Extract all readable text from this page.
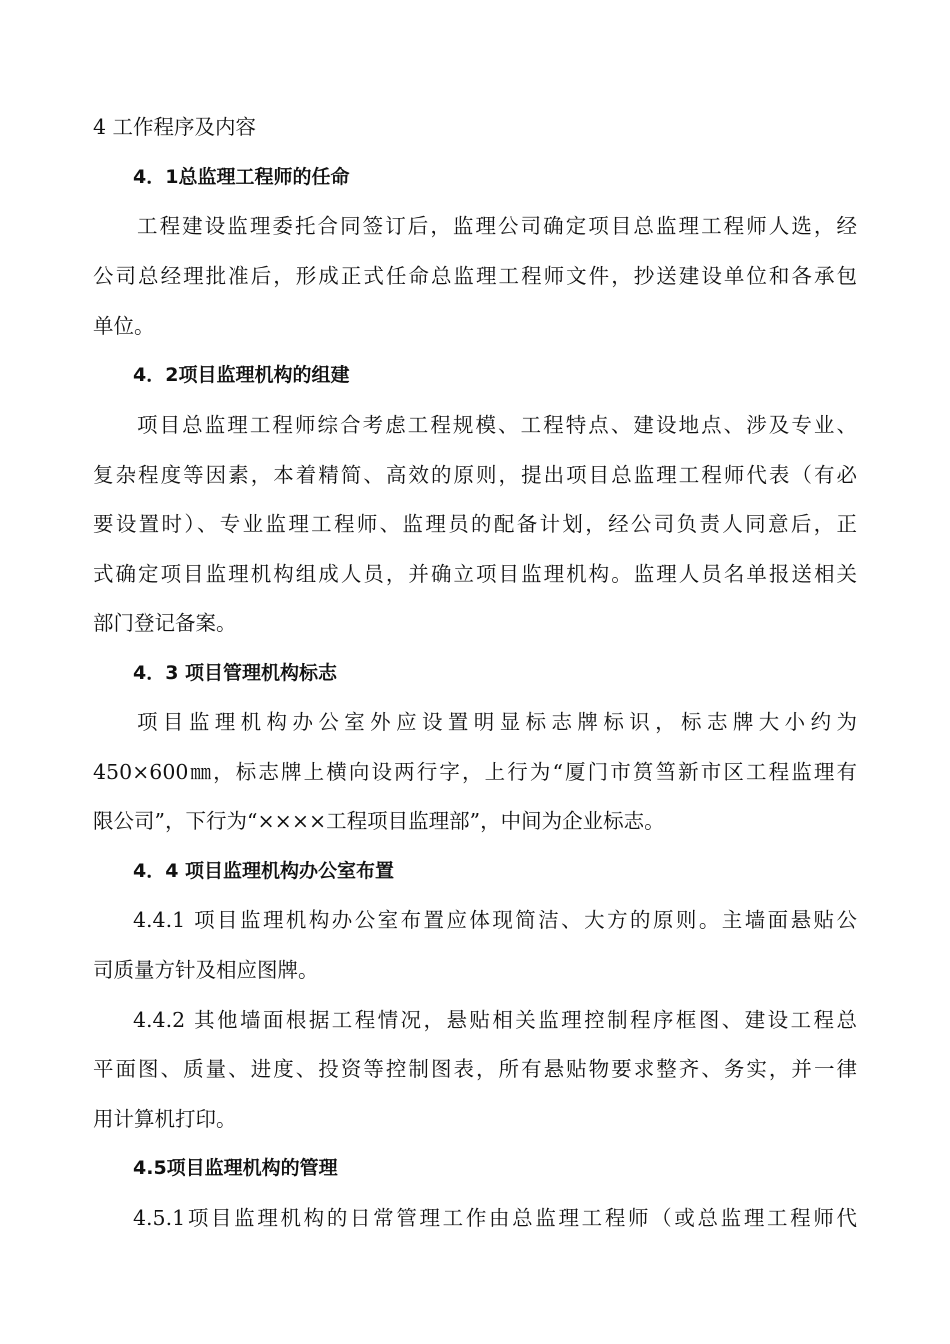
4 工作程序及内容
4．1总监理工程师的任命
工程建设监理委托合同签订后，监理公司确定项目总监理工程师人选，经
公司总经理批准后，形成正式任命总监理工程师文件，抄送建设单位和各承包
单位。
4．2项目监理机构的组建
项目总监理工程师综合考虑工程规模、工程特点、建设地点、涉及专业、
复杂程度等因素，本着精简、高效的原则，提出项目总监理工程师代表（有必
要设置时）、专业监理工程师、监理员的配备计划，经公司负责人同意后，正
式确定项目监理机构组成人员，并确立项目监理机构。监理人员名单报送相关
部门登记备案。
4．3 项目管理机构标志
项目监理机构办公室外应设置明显标志牌标识，标志牌大小约为
450×600㎜，标志牌上横向设两行字，上行为“厦门市筼筜新市区工程监理有
限公司”，下行为“××××工程项目监理部”，中间为企业标志。
4．4 项目监理机构办公室布置
4.4.1 项目监理机构办公室布置应体现简洁、大方的原则。主墙面悬贴公
司质量方针及相应图牌。
4.4.2 其他墙面根据工程情况，悬贴相关监理控制程序框图、建设工程总
平面图、质量、进度、投资等控制图表，所有悬贴物要求整齐、务实，并一律
用计算机打印。
4.5项目监理机构的管理
4.5.1项目监理机构的日常管理工作由总监理工程师（或总监理工程师代
